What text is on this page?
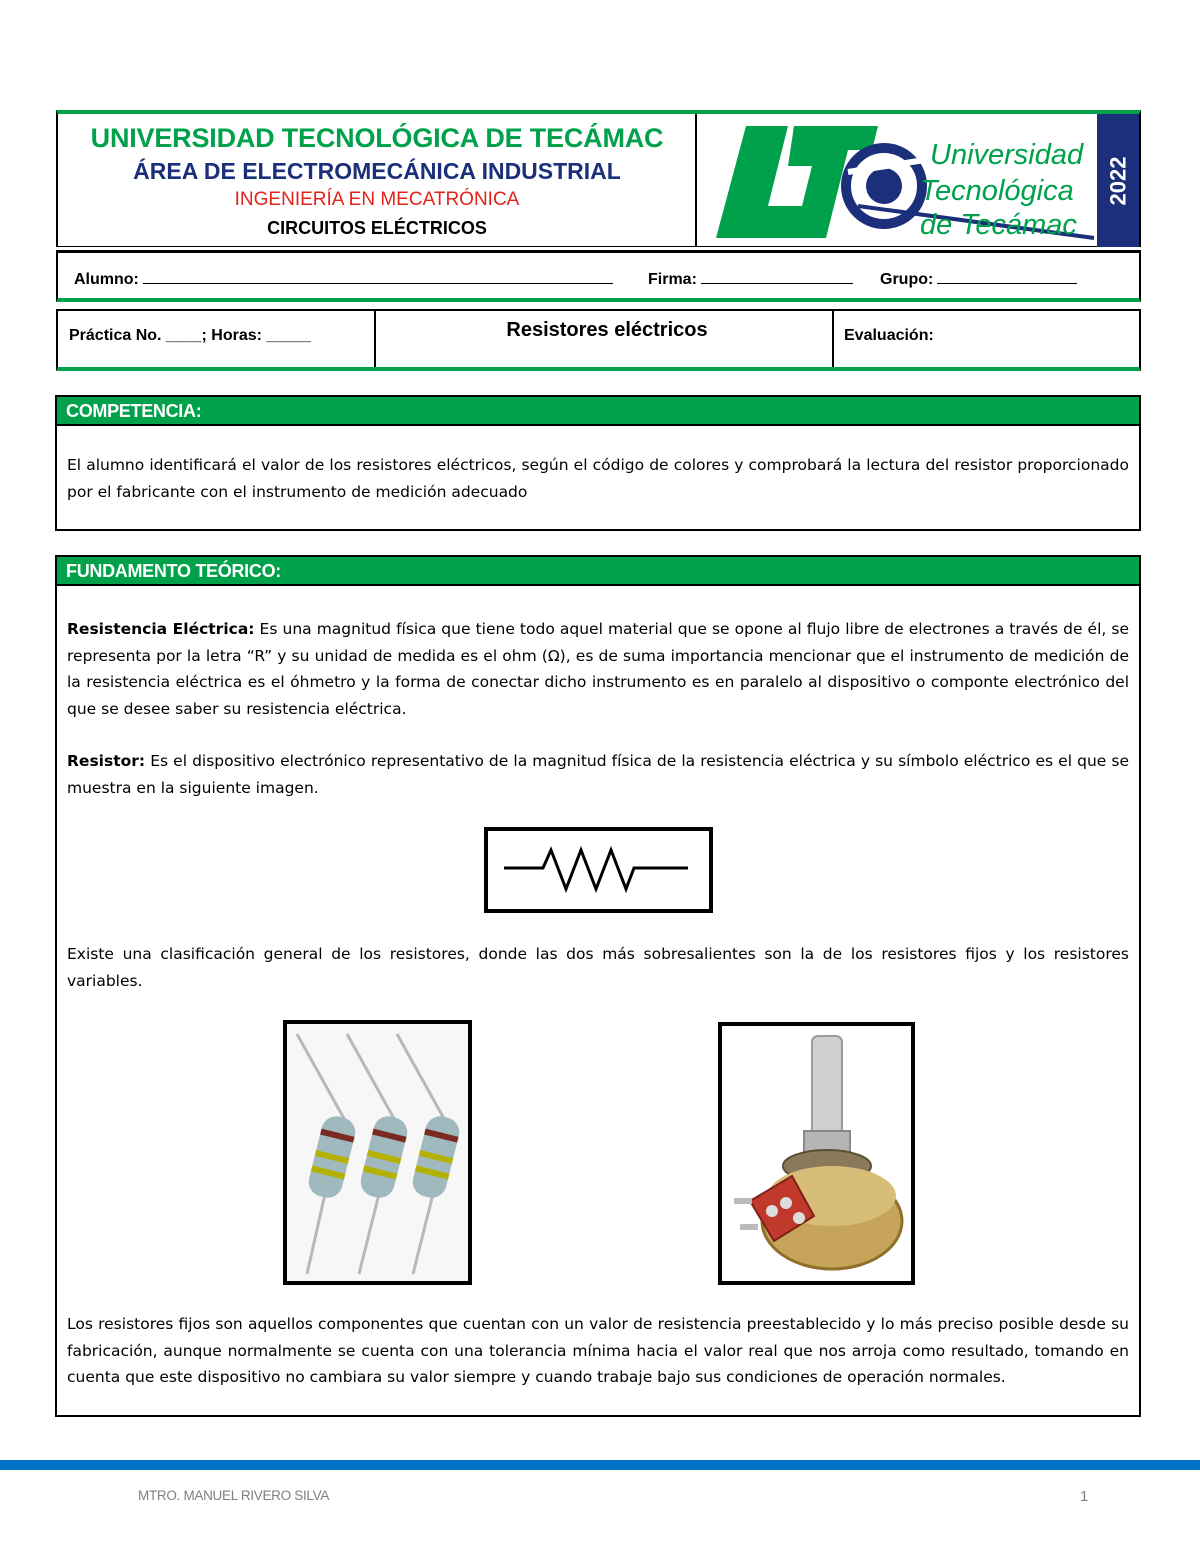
UNIVERSIDAD TECNOLÓGICA DE TECÁMAC
ÁREA DE ELECTROMECÁNICA INDUSTRIAL
INGENIERÍA EN MECATRÓNICA
CIRCUITOS ELÉCTRICOS
Universidad
Tecnológica
de Tecámac
2022
Alumno:	Firma:	Grupo:
Práctica No. ____; Horas: _____	Resistores eléctricos	Evaluación:
COMPETENCIA:

El alumno identificará el valor de los resistores eléctricos, según el código de colores y comprobará la lectura del resistor proporcionado por el fabricante con el instrumento de medición adecuado

FUNDAMENTO TEÓRICO:

Resistencia Eléctrica: Es una magnitud física que tiene todo aquel material que se opone al flujo libre de electrones a través de él, se representa por la letra “R” y su unidad de medida es el ohm (Ω), es de suma importancia mencionar que el instrumento de medición de la resistencia eléctrica es el óhmetro y la forma de conectar dicho instrumento es en paralelo al dispositivo o componte electrónico del que se desee saber su resistencia eléctrica.

Resistor: Es el dispositivo electrónico representativo de la magnitud física de la resistencia eléctrica y su símbolo eléctrico es el que se muestra en la siguiente imagen.

Existe una clasificación general de los resistores, donde las dos más sobresalientes son la de los resistores fijos y los resistores variables.

Los resistores fijos son aquellos componentes que cuentan con un valor de resistencia preestablecido y lo más preciso posible desde su fabricación, aunque normalmente se cuenta con una tolerancia mínima hacia el valor real que nos arroja como resultado, tomando en cuenta que este dispositivo no cambiara su valor siempre y cuando trabaje bajo sus condiciones de operación normales.

MTRO. MANUEL RIVERO SILVA	1
